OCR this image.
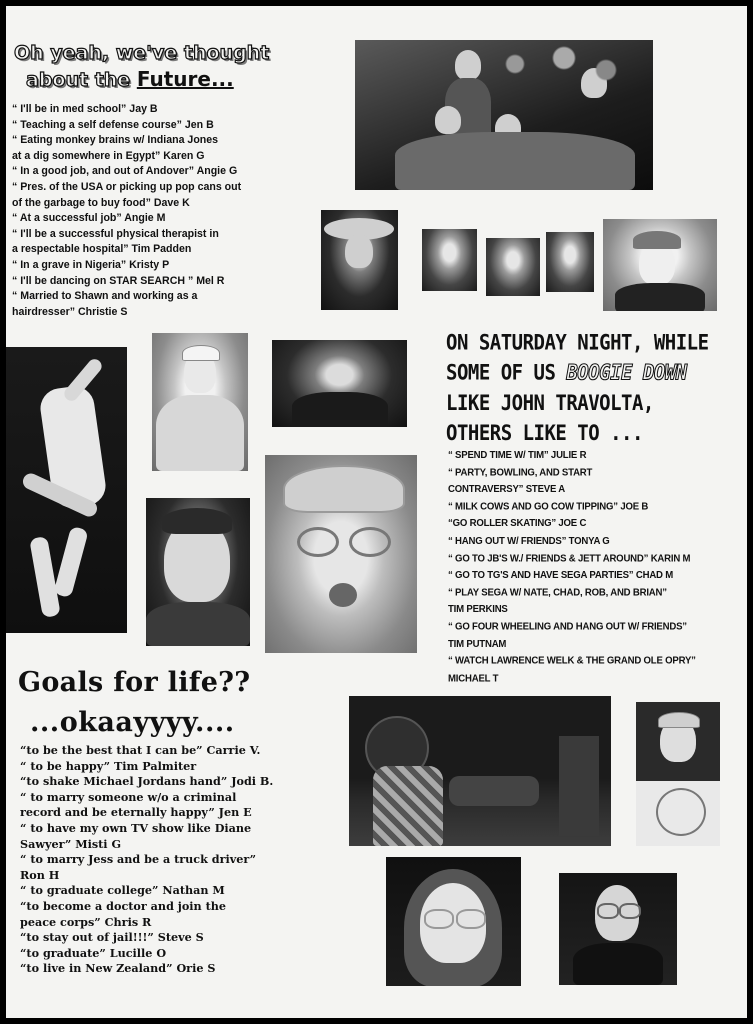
Oh yeah, we've thought
about the Future...
“ I'll be in med school” Jay B
“ Teaching a self defense course” Jen B
“ Eating monkey brains w/ Indiana Jones
at a dig somewhere in Egypt” Karen G
“ In a good job, and out of Andover” Angie G
“ Pres. of the USA or picking up pop cans out
of the garbage to buy food” Dave K
“ At a successful job” Angie M
“ I'll be a successful physical therapist in
a respectable hospital” Tim Padden
“ In a grave in Nigeria” Kristy P
“ I'll be dancing on STAR SEARCH ” Mel R
“ Married to Shawn and working as a
hairdresser” Christie S
ON SATURDAY NIGHT, WHILE
SOME OF US BOOGIE DOWN
LIKE JOHN TRAVOLTA,
OTHERS LIKE TO ...
“ SPEND TIME W/ TIM” JULIE R
“ PARTY, BOWLING, AND START
CONTRAVERSY” STEVE A
“ MILK COWS AND GO COW TIPPING” JOE B
“GO ROLLER SKATING” JOE C
“ HANG OUT W/ FRIENDS” TONYA G
“ GO TO JB'S W./ FRIENDS & JETT AROUND” KARIN M
“ GO TO TG'S AND HAVE SEGA PARTIES” CHAD M
“ PLAY SEGA W/ NATE, CHAD, ROB, AND BRIAN”
TIM PERKINS
“ GO FOUR WHEELING AND HANG OUT W/ FRIENDS”
TIM PUTNAM
“ WATCH LAWRENCE WELK & THE GRAND OLE OPRY”
MICHAEL T
Goals for life??
...okaayyyy....
“to be the best that I can be” Carrie V.
“ to be happy” Tim Palmiter
“to shake Michael Jordans hand” Jodi B.
“ to marry someone w/o a criminal
record and be eternally happy” Jen E
“ to have my own TV show like Diane
Sawyer” Misti G
“ to marry Jess and be a truck driver”
Ron H
“ to graduate college” Nathan M
“to become a doctor and join the
peace corps” Chris R
“to stay out of jail!!!” Steve S
“to graduate” Lucille O
“to live in New Zealand” Orie S
